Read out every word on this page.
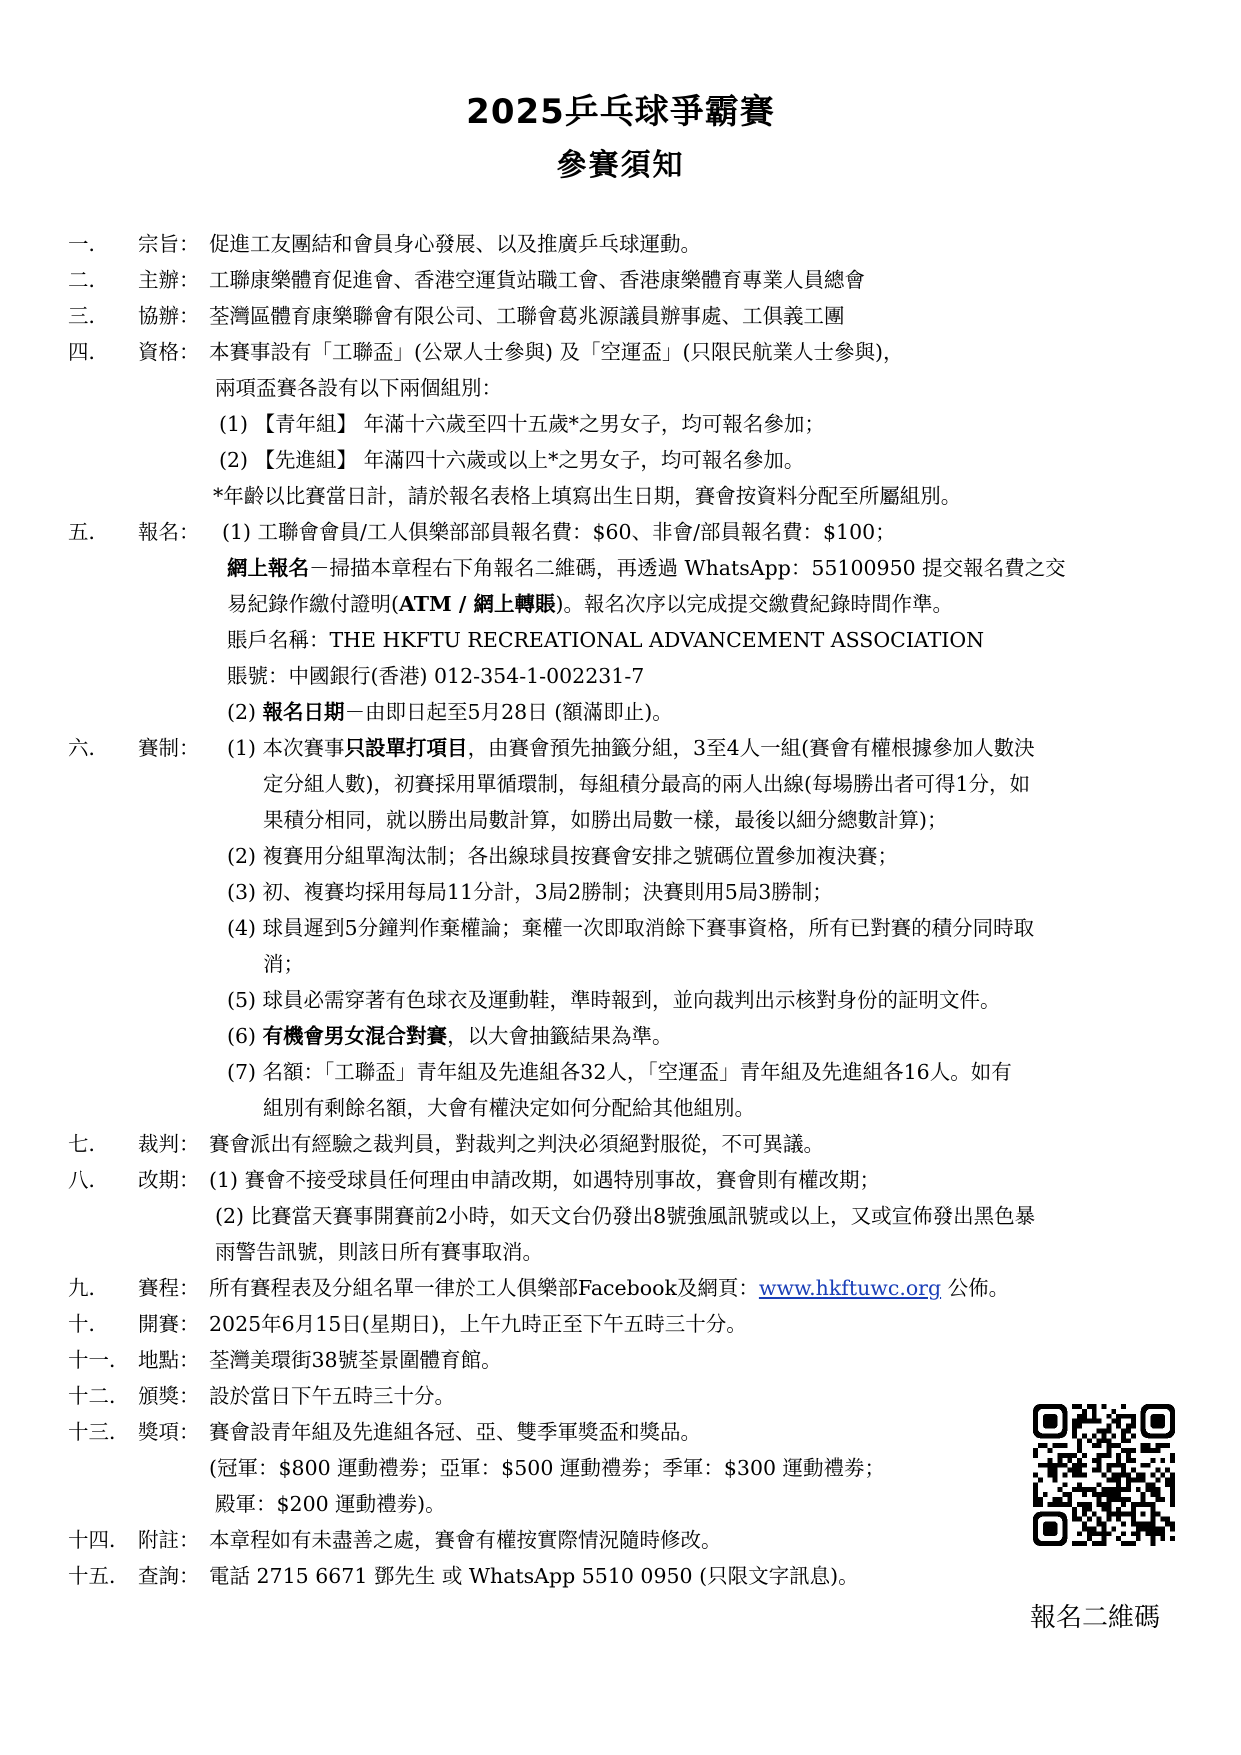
2025乒乓球爭霸賽
參賽須知
一． 宗旨： 促進工友團結和會員身心發展、以及推廣乒乓球運動。
二． 主辦： 工聯康樂體育促進會、香港空運貨站職工會、香港康樂體育專業人員總會
三． 協辦： 荃灣區體育康樂聯會有限公司、工聯會葛兆源議員辦事處、工俱義工團
四． 資格： 本賽事設有「工聯盃」(公眾人士參與) 及「空運盃」(只限民航業人士參與)，
兩項盃賽各設有以下兩個組別：
(1) 【青年組】 年滿十六歲至四十五歲*之男女子，均可報名參加；
(2) 【先進組】 年滿四十六歲或以上*之男女子，均可報名參加。
*年齡以比賽當日計，請於報名表格上填寫出生日期，賽會按資料分配至所屬組別。
五． 報名： (1) 工聯會會員/工人俱樂部部員報名費：$60、非會/部員報名費：$100；
網上報名－掃描本章程右下角報名二維碼，再透過 WhatsApp：55100950 提交報名費之交
易紀錄作繳付證明(ATM / 網上轉賬)。報名次序以完成提交繳費紀錄時間作準。
賬戶名稱：THE HKFTU RECREATIONAL ADVANCEMENT ASSOCIATION
賬號：中國銀行(香港) 012-354-1-002231-7
(2) 報名日期－由即日起至5月28日 (額滿即止)。
六． 賽制： (1) 本次賽事只設單打項目，由賽會預先抽籤分組，3至4人一組(賽會有權根據參加人數決
定分組人數)，初賽採用單循環制，每組積分最高的兩人出線(每場勝出者可得1分，如
果積分相同，就以勝出局數計算，如勝出局數一樣，最後以細分總數計算)；
(2) 複賽用分組單淘汰制；各出線球員按賽會安排之號碼位置參加複決賽；
(3) 初、複賽均採用每局11分計，3局2勝制；決賽則用5局3勝制；
(4) 球員遲到5分鐘判作棄權論；棄權一次即取消餘下賽事資格，所有已對賽的積分同時取
消；
(5) 球員必需穿著有色球衣及運動鞋，準時報到，並向裁判出示核對身份的証明文件。
(6) 有機會男女混合對賽，以大會抽籤結果為準。
(7) 名額：「工聯盃」青年組及先進組各32人，「空運盃」青年組及先進組各16人。如有
組別有剩餘名額，大會有權決定如何分配給其他組別。
七． 裁判： 賽會派出有經驗之裁判員，對裁判之判決必須絕對服從，不可異議。
八． 改期： (1) 賽會不接受球員任何理由申請改期，如遇特別事故，賽會則有權改期；
(2) 比賽當天賽事開賽前2小時，如天文台仍發出8號強風訊號或以上，又或宣佈發出黑色暴
雨警告訊號，則該日所有賽事取消。
九． 賽程： 所有賽程表及分組名單一律於工人俱樂部Facebook及網頁：www.hkftuwc.org 公佈。
十． 開賽： 2025年6月15日(星期日)，上午九時正至下午五時三十分。
十一． 地點： 荃灣美環街38號荃景圍體育館。
十二． 頒獎： 設於當日下午五時三十分。
十三． 獎項： 賽會設青年組及先進組各冠、亞、雙季軍獎盃和獎品。
(冠軍：$800 運動禮劵；亞軍：$500 運動禮劵；季軍：$300 運動禮劵；
殿軍：$200 運動禮劵)。
十四． 附註： 本章程如有未盡善之處，賽會有權按實際情況隨時修改。
十五． 查詢： 電話 2715 6671 鄧先生 或 WhatsApp 5510 0950 (只限文字訊息)。
報名二維碼
